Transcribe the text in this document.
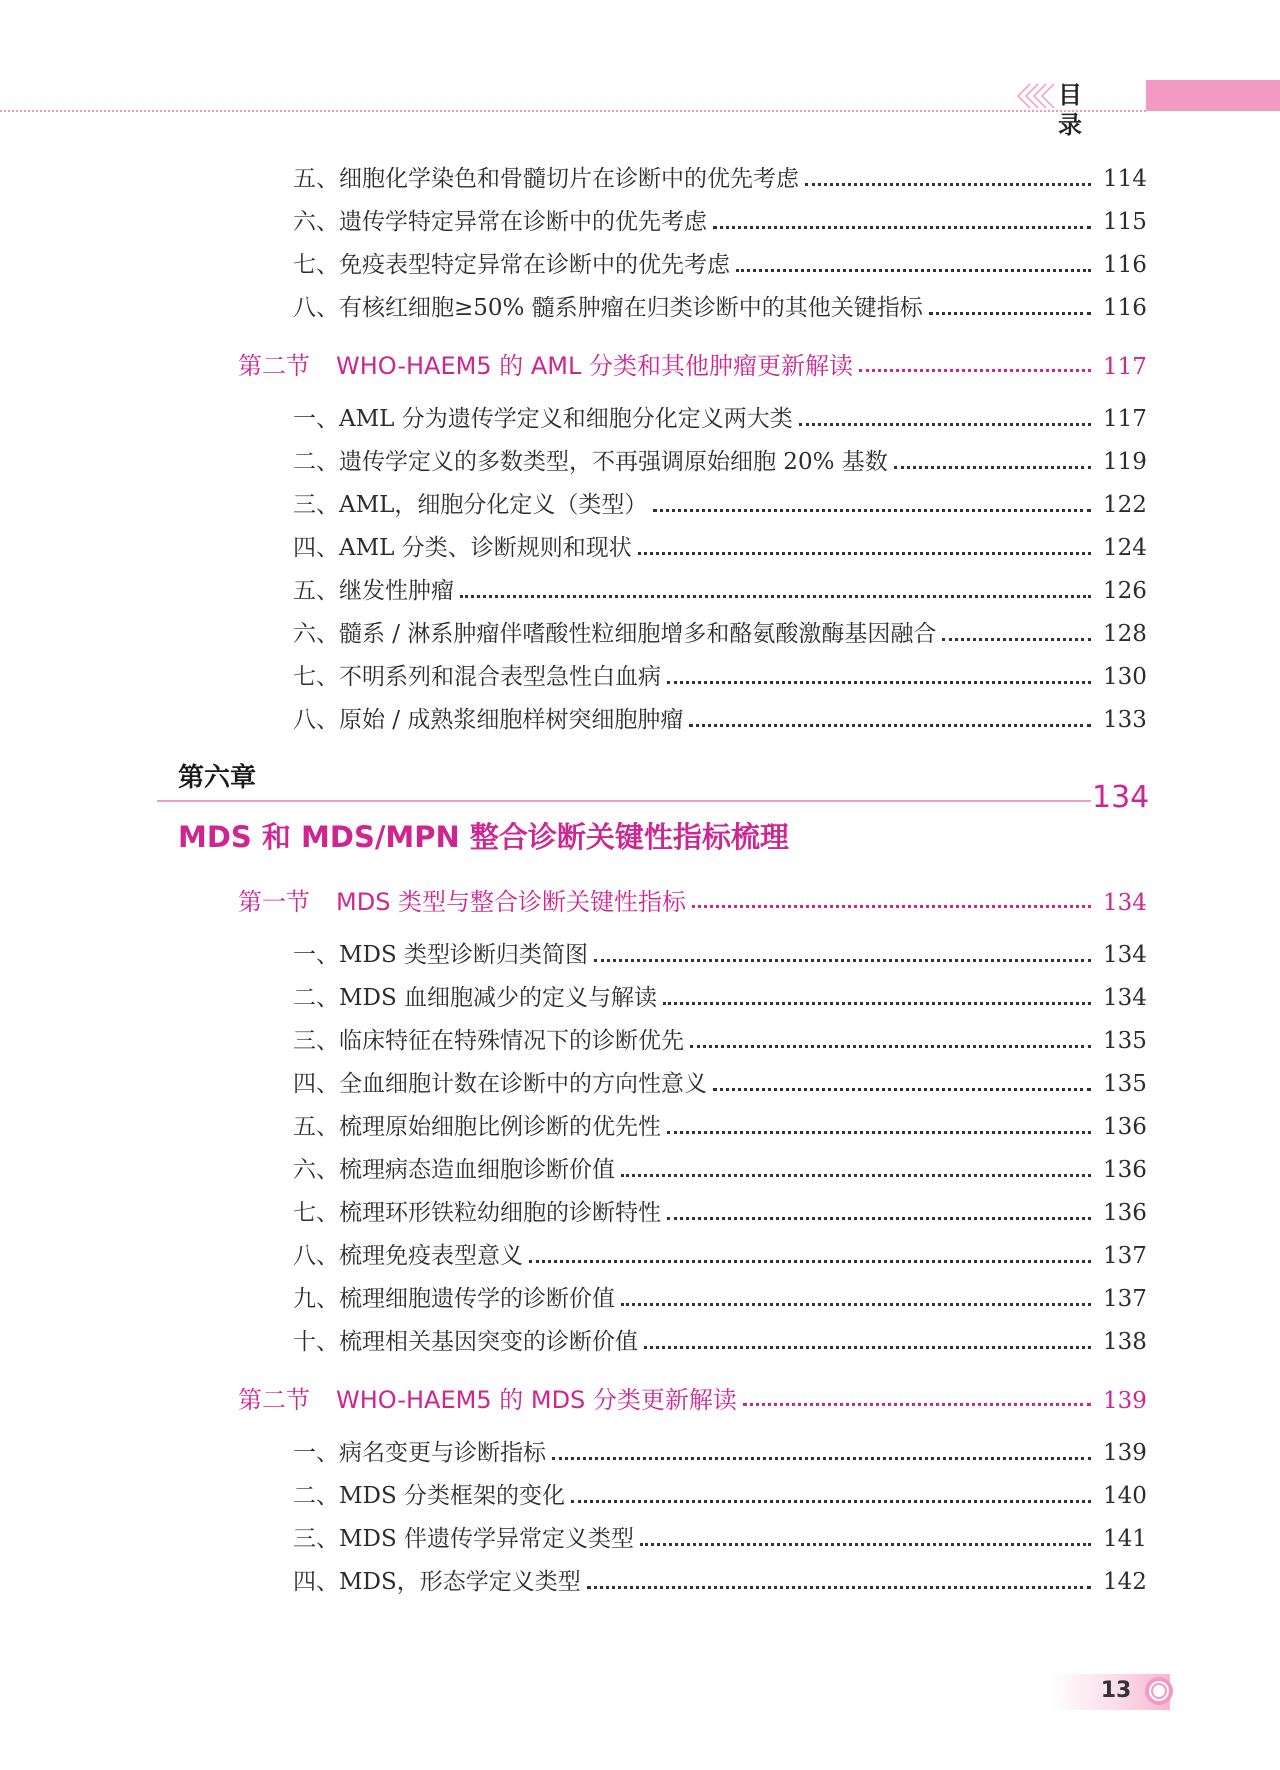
目 录
五、细胞化学染色和骨髓切片在诊断中的优先考虑	114
六、遗传学特定异常在诊断中的优先考虑	115
七、免疫表型特定异常在诊断中的优先考虑	116
八、有核红细胞≥50% 髓系肿瘤在归类诊断中的其他关键指标	116
第二节 WHO-HAEM5 的 AML 分类和其他肿瘤更新解读	117
一、AML 分为遗传学定义和细胞分化定义两大类	117
二、遗传学定义的多数类型，不再强调原始细胞 20% 基数	119
三、AML，细胞分化定义（类型）	122
四、AML 分类、诊断规则和现状	124
五、继发性肿瘤	126
六、髓系 / 淋系肿瘤伴嗜酸性粒细胞增多和酪氨酸激酶基因融合	128
七、不明系列和混合表型急性白血病	130
八、原始 / 成熟浆细胞样树突细胞肿瘤	133
第六章
134
MDS 和 MDS/MPN 整合诊断关键性指标梳理
第一节 MDS 类型与整合诊断关键性指标	134
一、MDS 类型诊断归类简图	134
二、MDS 血细胞减少的定义与解读	134
三、临床特征在特殊情况下的诊断优先	135
四、全血细胞计数在诊断中的方向性意义	135
五、梳理原始细胞比例诊断的优先性	136
六、梳理病态造血细胞诊断价值	136
七、梳理环形铁粒幼细胞的诊断特性	136
八、梳理免疫表型意义	137
九、梳理细胞遗传学的诊断价值	137
十、梳理相关基因突变的诊断价值	138
第二节 WHO-HAEM5 的 MDS 分类更新解读	139
一、病名变更与诊断指标	139
二、MDS 分类框架的变化	140
三、MDS 伴遗传学异常定义类型	141
四、MDS，形态学定义类型	142
13
